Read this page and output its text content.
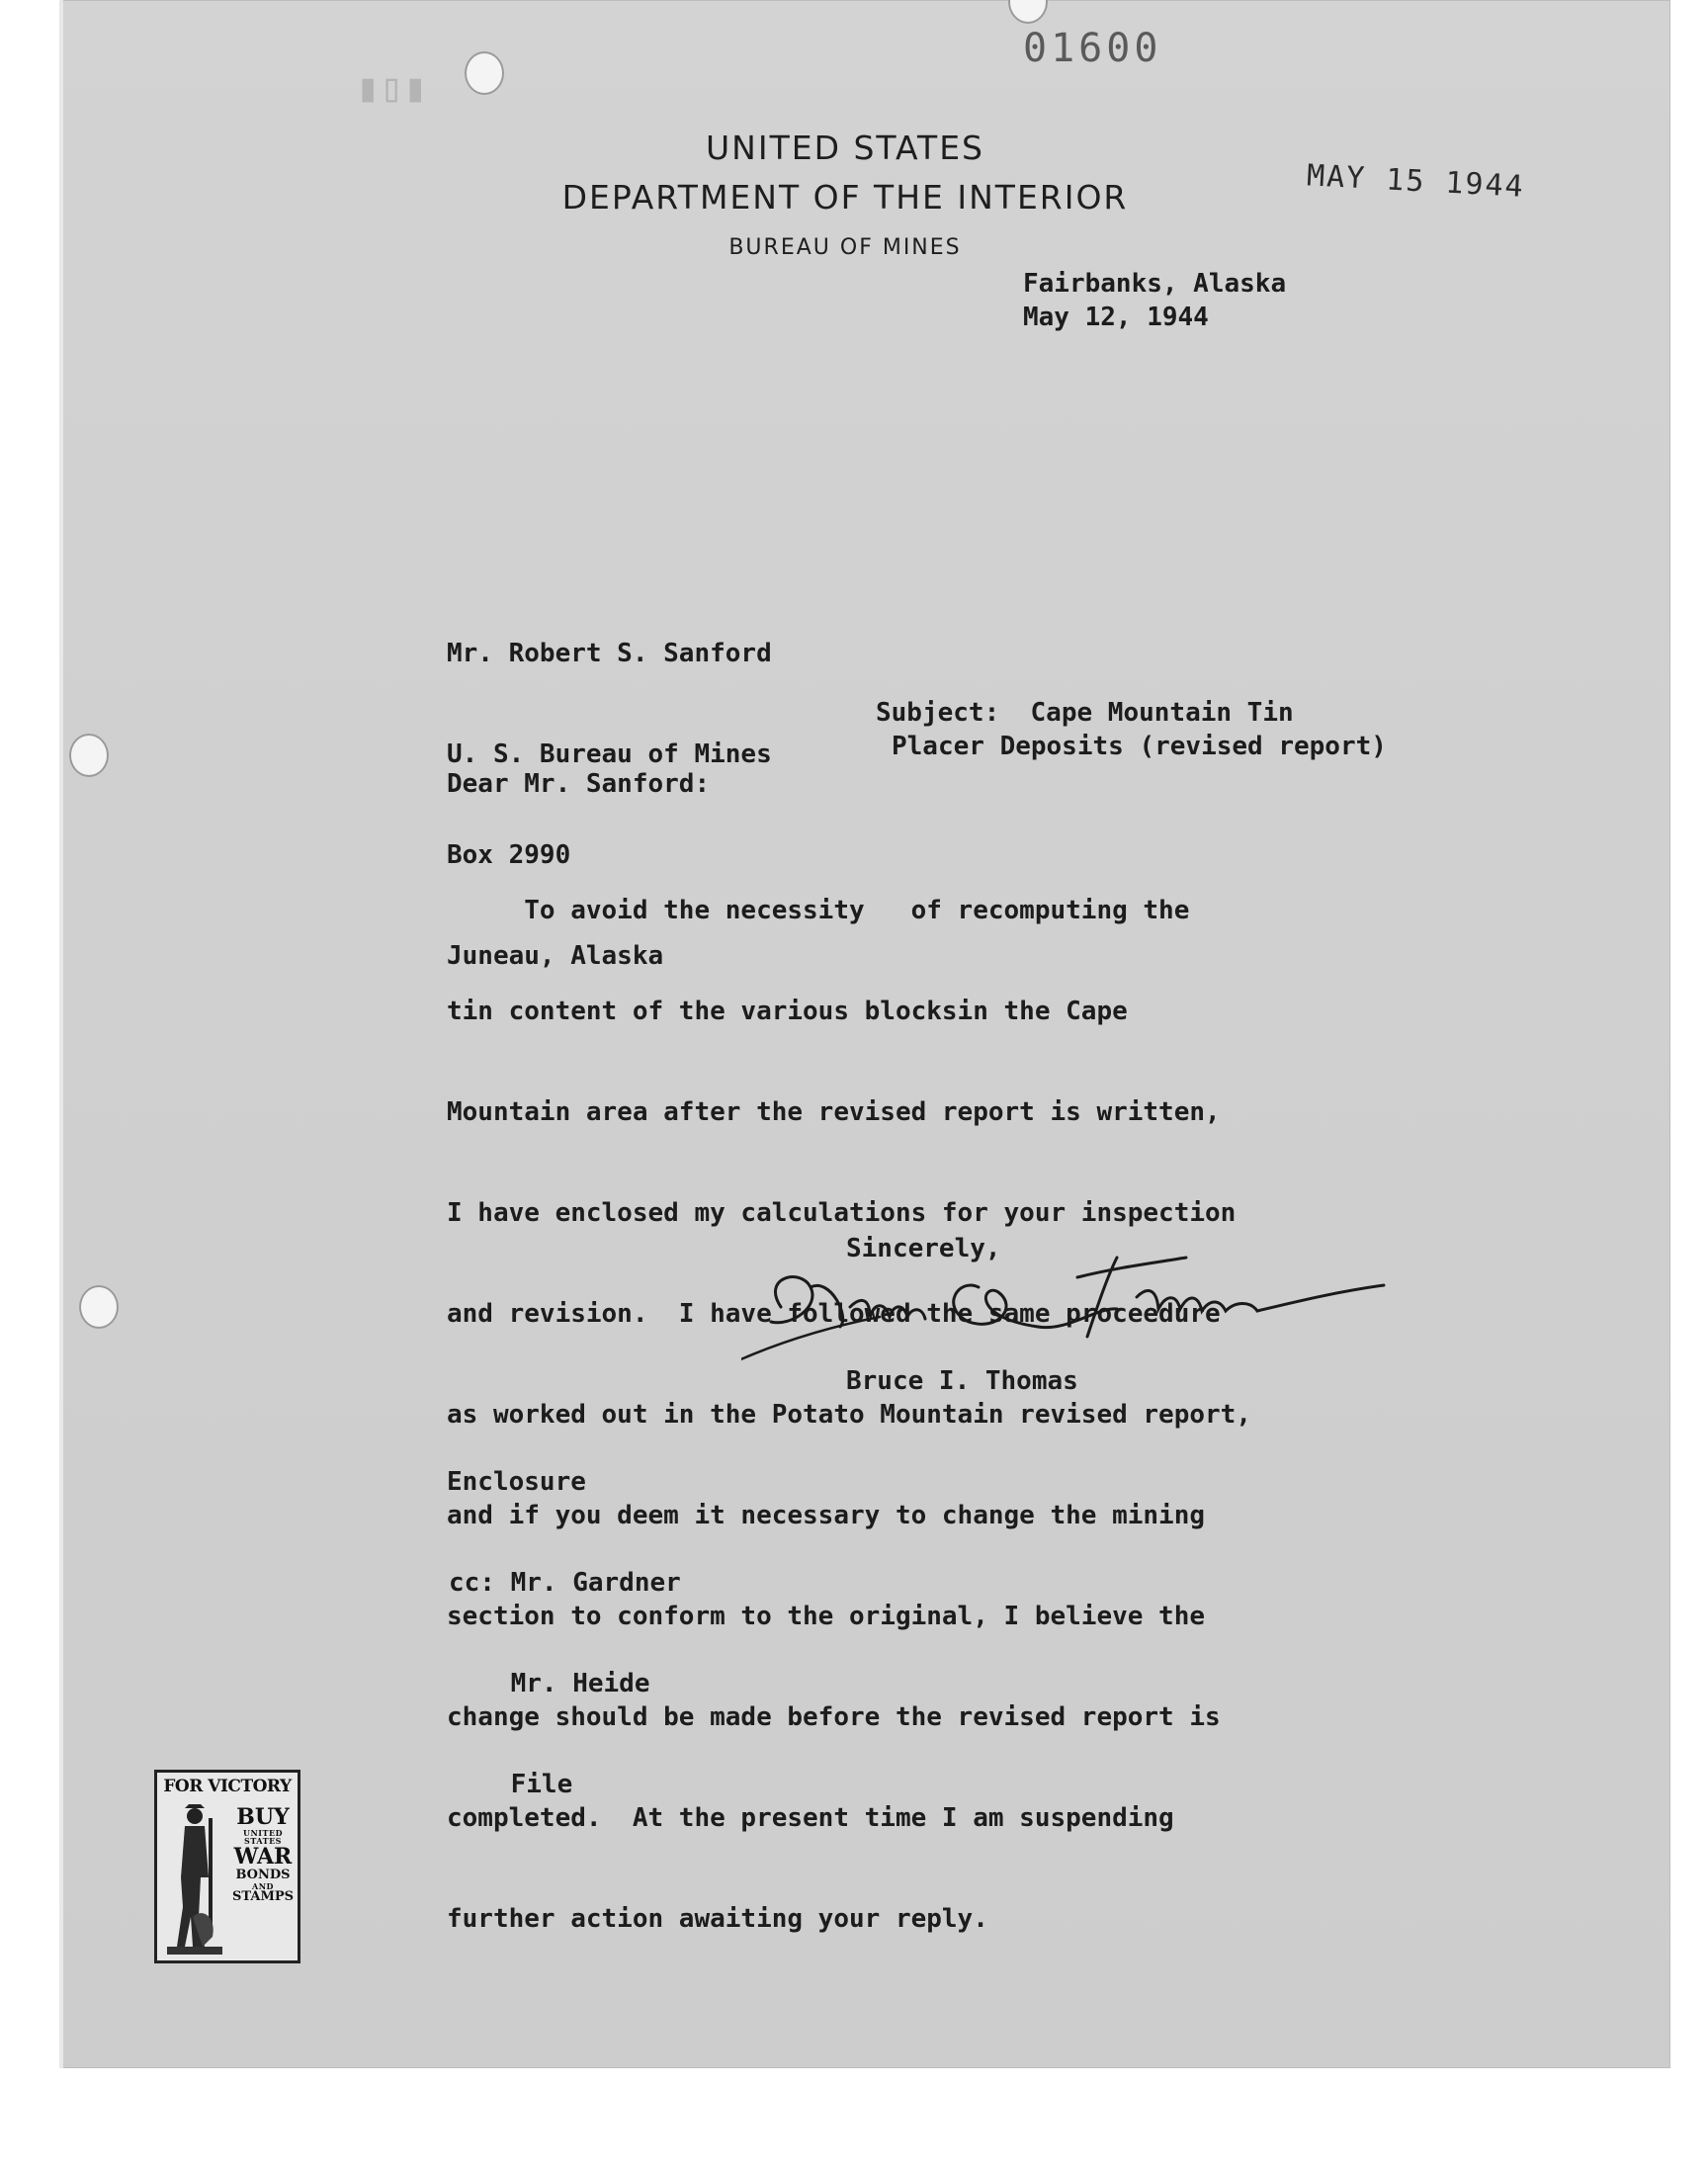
▮▯▮
01600
UNITED STATES
DEPARTMENT OF THE INTERIOR
BUREAU OF MINES
MAY 15 1944
Fairbanks, Alaska
May 12, 1944

Mr. Robert S. Sanford

U. S. Bureau of Mines

Box 2990

Juneau, Alaska

Subject:  Cape Mountain Tin
Placer Deposits (revised report)
Dear Mr. Sanford:

To avoid the necessity   of recomputing the

tin content of the various blocksin the Cape

Mountain area after the revised report is written,

I have enclosed my calculations for your inspection

and revision.  I have followed the same proceedure

as worked out in the Potato Mountain revised report,

and if you deem it necessary to change the mining

section to conform to the original, I believe the

change should be made before the revised report is

completed.  At the present time I am suspending

further action awaiting your reply.

Sincerely,
Bruce I. Thomas
Enclosure

cc: Mr. Gardner

Mr. Heide

File

FOR VICTORY
BUY
UNITED STATES
WAR
BONDS
AND
STAMPS
